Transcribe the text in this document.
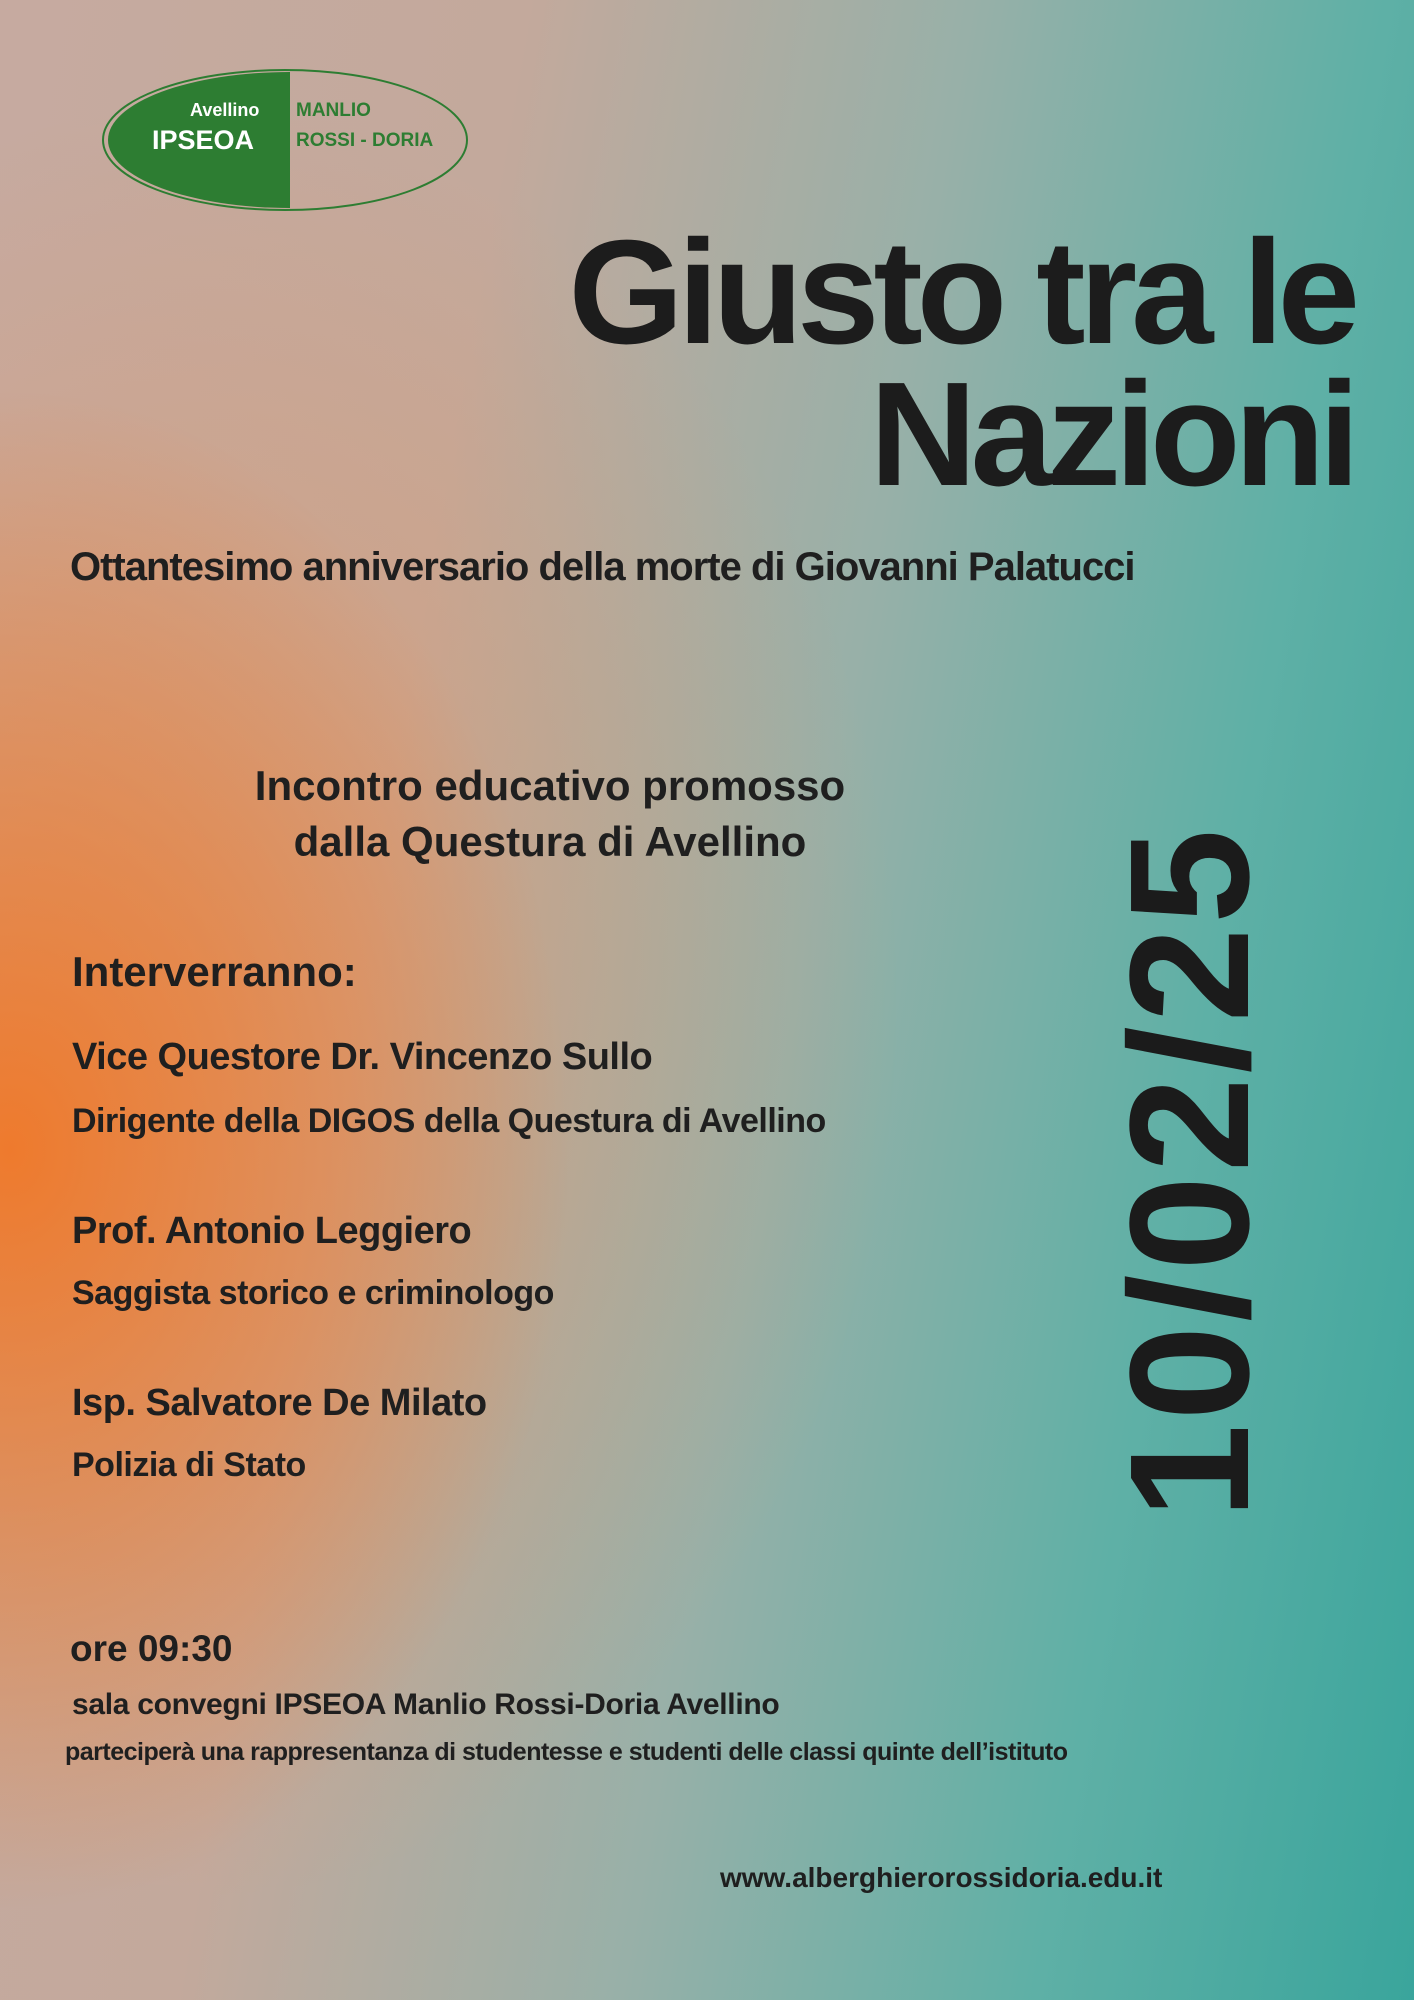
Avellino
IPSEOA
MANLIO
ROSSI - DORIA
Giusto tra le
Nazioni
Ottantesimo anniversario della morte di Giovanni Palatucci
10/02/25
Incontro educativo promosso
dalla Questura di Avellino
Interverranno:
Vice Questore Dr. Vincenzo Sullo
Dirigente della DIGOS della Questura di Avellino
Prof. Antonio Leggiero
Saggista storico e criminologo
Isp. Salvatore De Milato
Polizia di Stato
ore 09:30
sala convegni IPSEOA Manlio Rossi-Doria Avellino
parteciperà una rappresentanza di studentesse e studenti delle classi quinte dell’istituto
www.alberghierorossidoria.edu.it
